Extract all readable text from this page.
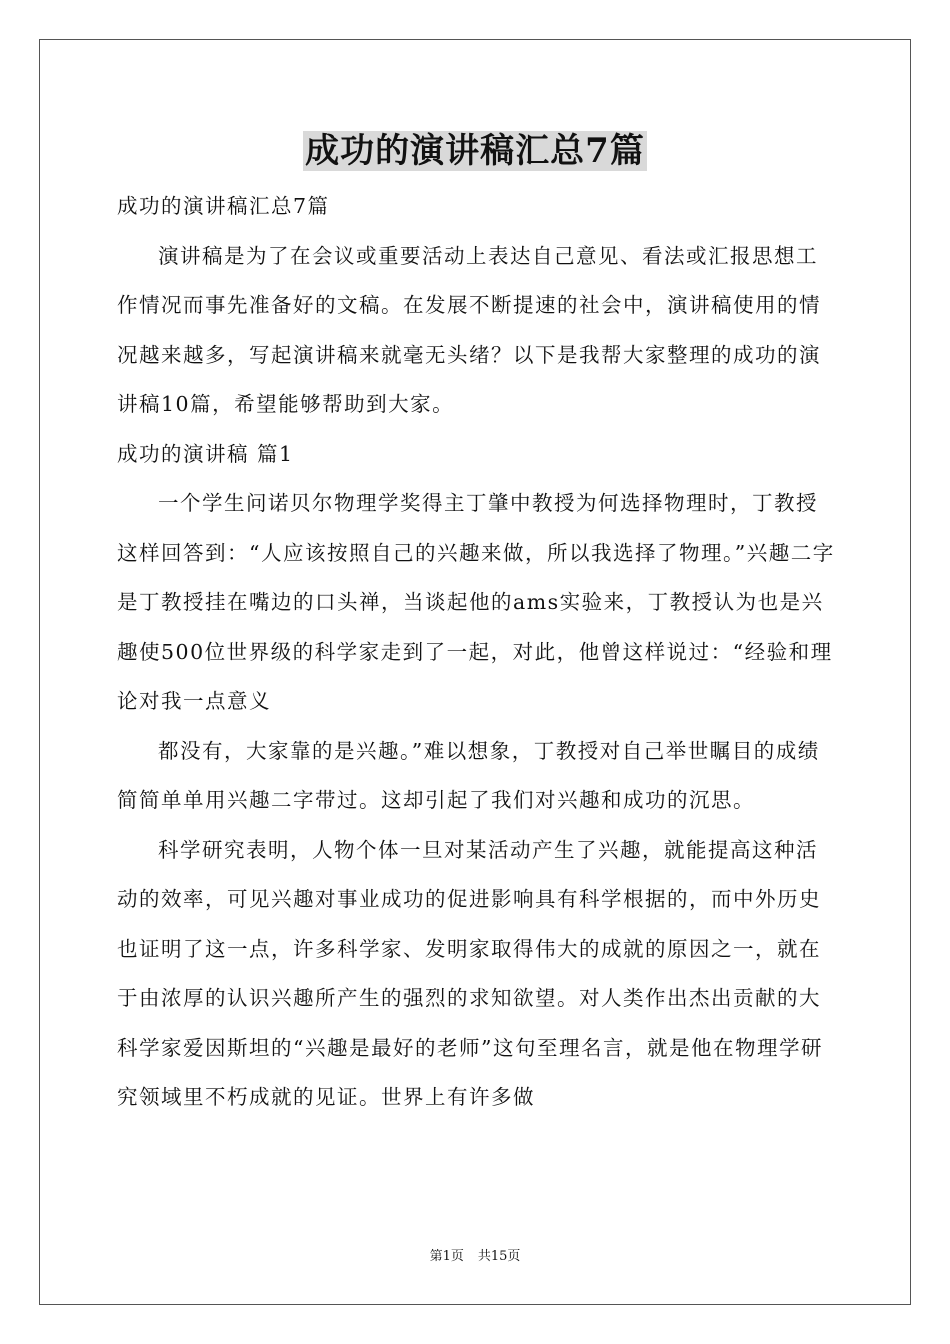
成功的演讲稿汇总7篇

成功的演讲稿汇总7篇

演讲稿是为了在会议或重要活动上表达自己意见、看法或汇报思想工作情况而事先准备好的文稿。在发展不断提速的社会中，演讲稿使用的情况越来越多，写起演讲稿来就毫无头绪？以下是我帮大家整理的成功的演讲稿10篇，希望能够帮助到大家。

成功的演讲稿 篇1

一个学生问诺贝尔物理学奖得主丁肇中教授为何选择物理时，丁教授这样回答到：“人应该按照自己的兴趣来做，所以我选择了物理。”兴趣二字是丁教授挂在嘴边的口头禅，当谈起他的ams实验来，丁教授认为也是兴趣使500位世界级的科学家走到了一起，对此，他曾这样说过：“经验和理论对我一点意义

都没有，大家靠的是兴趣。”难以想象，丁教授对自己举世瞩目的成绩简简单单用兴趣二字带过。这却引起了我们对兴趣和成功的沉思。

科学研究表明，人物个体一旦对某活动产生了兴趣，就能提高这种活动的效率，可见兴趣对事业成功的促进影响具有科学根据的，而中外历史也证明了这一点，许多科学家、发明家取得伟大的成就的原因之一，就在于由浓厚的认识兴趣所产生的强烈的求知欲望。对人类作出杰出贡献的大科学家爱因斯坦的“兴趣是最好的老师”这句至理名言，就是他在物理学研究领域里不朽成就的见证。世界上有许多做

第1页 共15页
